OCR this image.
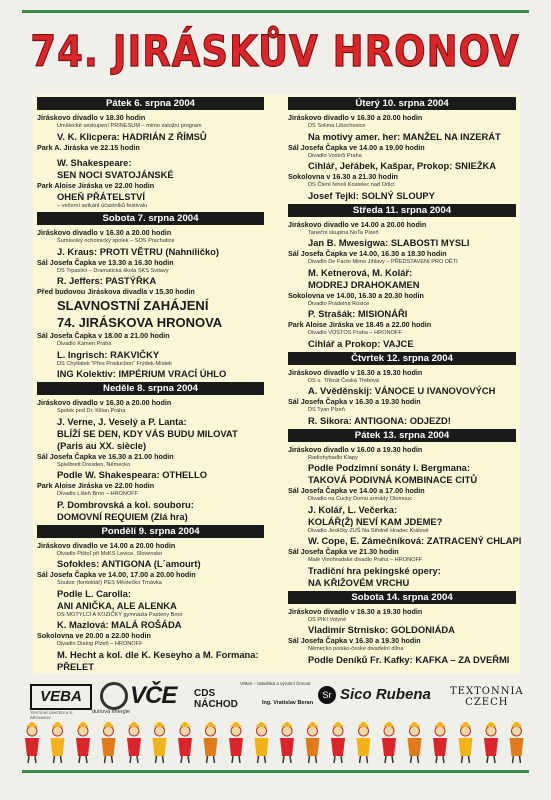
74. JIRÁSKŮV HRONOV
Pátek 6. srpna 2004
Jiráskovo divadlo v 18.30 hodin
Umělecké seskupení PRINESUM – mimo založní program
V. K. Klicpera: HADRIÁN Z ŘÍMSŮ
Park A. Jiráska ve 22.15 hodin
W. Shakespeare:
SEN NOCI SVATOJÁNSKÉ
Park Aloise Jiráska ve 22.00 hodin
OHEŇ PŘÁTELSTVÍ
– večerní setkání účastníků festivalu
Sobota 7. srpna 2004
Jiráskovo divadlo v 16.30 a 20.00 hodin
Šumavský ochotnický spolek – SOS Prachatice
J. Kraus: PROTI VĚTRU (Nahníličko)
Sál Josefa Čapka ve 13.30 a 16.30 hodin
DS Trpaslíci – Dramatická škola SKS Svitavy
R. Jeffers: PASTÝŘKA
Před budovou Jiráskova divadla v 15.30 hodin
SLAVNOSTNÍ ZAHÁJENÍ
74. JIRÁSKOVA HRONOVA
Sál Josefa Čapka v 18.00 a 21.00 hodin
Divadlo Kámen Praha
L. Ingrisch: RAKVIČKY
DS Chytlatek "Přes Production" Frýdek-Místek
ING Kolektiv: IMPÉRIUM VRACÍ ÚHLO
Neděle 8. srpna 2004
Jiráskovo divadlo v 16.30 a 20.00 hodin
Spolek pod Dr. Kilian Praha
J. Verne, J. Veselý a P. Lanta:
BLÍŽÍ SE DEN, KDY VÁS BUDU MILOVAT
(Paris au XX. siècle)
Sál Josefa Čapka ve 16.30 a 21.00 hodin
Spielbrett Dresden, Německo
Podle W. Shakespeara: OTHELLO
Park Aloise Jiráska ve 22.00 hodin
Divadlo Líšeň Brno – HRONOFF
P. Dombrovská a kol. souboru:
DOMOVNÍ REQUIEM (Zlá hra)
Pondělí 9. srpna 2004
Jiráskovo divadlo ve 14.00 a 20.00 hodin
Divadlo Pištoľ při MsKS Levice, Slovensko
Sofokles: ANTIGONA (L´amourt)
Sál Josefa Čapka ve 14.00, 17.00 a 20.00 hodin
Soubor (fontoktář) PES Městečko Trnávka
Podle L. Carolla:
ANI ANIČKA, ALE ALENKA
DS MOTYLCI A KOZIČKY gymnázia Pasteny Brno
K. Mazlová: MALÁ ROŠÁDA
Sokolovna ve 20.00 a 22.00 hodin
Divadlo Dialog Plzeň – HRONOFF
M. Hecht a kol. dle K. Keseyho a M. Formana:
PŘELET
Úterý 10. srpna 2004
Jiráskovo divadlo v 16.30 a 20.00 hodin
DS Solima Libochovice
Na motivy amer. her: MANŽEL NA INZERÁT
Sál Josefa Čapka ve 14.00 a 19.00 hodin
Divadlo Vosto5 Praha
Cihlář, Jeřábek, Kašpar, Prokop: SNIEŽKA
Sokolovna v 16.30 a 21.30 hodin
DS Čtení řeholí Kostelec nad Orlicí
Josef Tejkl: SOLNÝ SLOUPY
Středa 11. srpna 2004
Jiráskovo divadlo ve 14.00 a 20.00 hodin
Taneční skupina NoTa Plzeň
Jan B. Mwesigwa: SLABOSTI MYSLI
Sál Josefa Čapka ve 14.00, 16.30 a 18.30 hodin
Divadlo De Facto Mimo Jihlavy – PŘEDSTAVENÍ PRO DĚTI
M. Ketnerová, M. Kolář:
MODREJ DRAHOKAMEN
Sokolovna ve 14.00, 16.30 a 20.30 hodin
Divadlo Prádelna Rosice
P. Strašák: MISIONÁŘI
Park Aloise Jiráska ve 18.45 a 22.00 hodin
Divadlo VOSTOS Praha – HRONOFF
Cihlář a Prokop: VAJCE
Čtvrtek 12. srpna 2004
Jiráskovo divadlo v 16.30 a 19.30 hodin
DS u. Tříkrát Česká Třebová
A. Vvěděnskij: VÁNOCE U IVANOVOVÝCH
Sál Josefa Čapka v 16.30 a 19.30 hodin
DS Tyan Plzeň
R. Sikora: ANTIGONA: ODJEZD!
Pátek 13. srpna 2004
Jiráskovo divadlo v 16.00 a 19.30 hodin
Radiohybadlo Klapy
Podle Podzimní sonáty I. Bergmana:
TAKOVÁ PODIVNÁ KOMBINACE CITŮ
Sál Josefa Čapka ve 14.00 a 17.00 hodin
Divadlo na Cucky Domu armády Olomouc
J. Kolář, L. Večerka:
KOLÁŘ(Ž) NEVÍ KAM JDEME?
Divadlo Jesličky ZUŠ Na Střelně Hradec Králové
W. Cope, E. Zámečníková: ZATRACENÝ CHLAPI
Sál Josefa Čapka ve 21.30 hodin
Malé Vinohradské divadlo Praha – HRONOFF
Tradiční hra pekingské opery:
NA KŘIŽOVÉM VRCHU
Sobota 14. srpna 2004
Jiráskovo divadlo v 16.30 a 19.30 hodin
DS PIKI Volyně
Vladimír Strnisko: GOLDONIÁDA
Sál Josefa Čapka v 16.30 a 19.30 hodin
Německo polsko-české divadelní dílna
Podle Deníků Fr. Kafky: KAFKA – ZA DVEŘMI
VEBA
TEXTILNÍ ZÁVODY A.S. BROUMOV
duhová energie
VČE CDS
NÁCHOD
VrBen – tiskařská a výrobní činnost
Ing. Vratislav Beran
Sr Sico Rubena TEXTONNIA
CZECH
